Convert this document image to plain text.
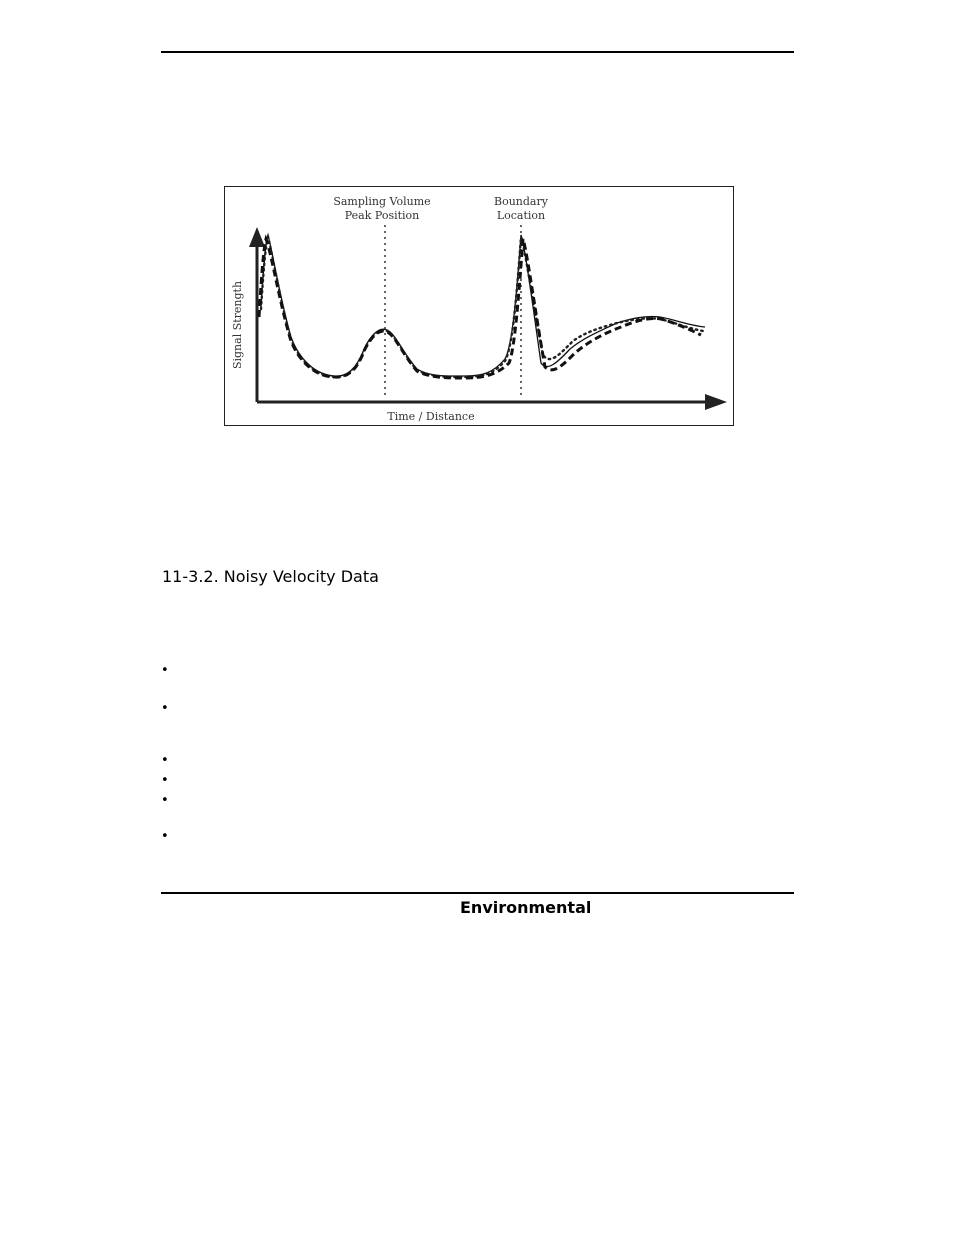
Sampling Volume
Peak Position
Boundary
Location
Signal Strength
Time / Distance
11-3.2. Noisy Velocity Data
•
•
•
•
•
•
Environmental
